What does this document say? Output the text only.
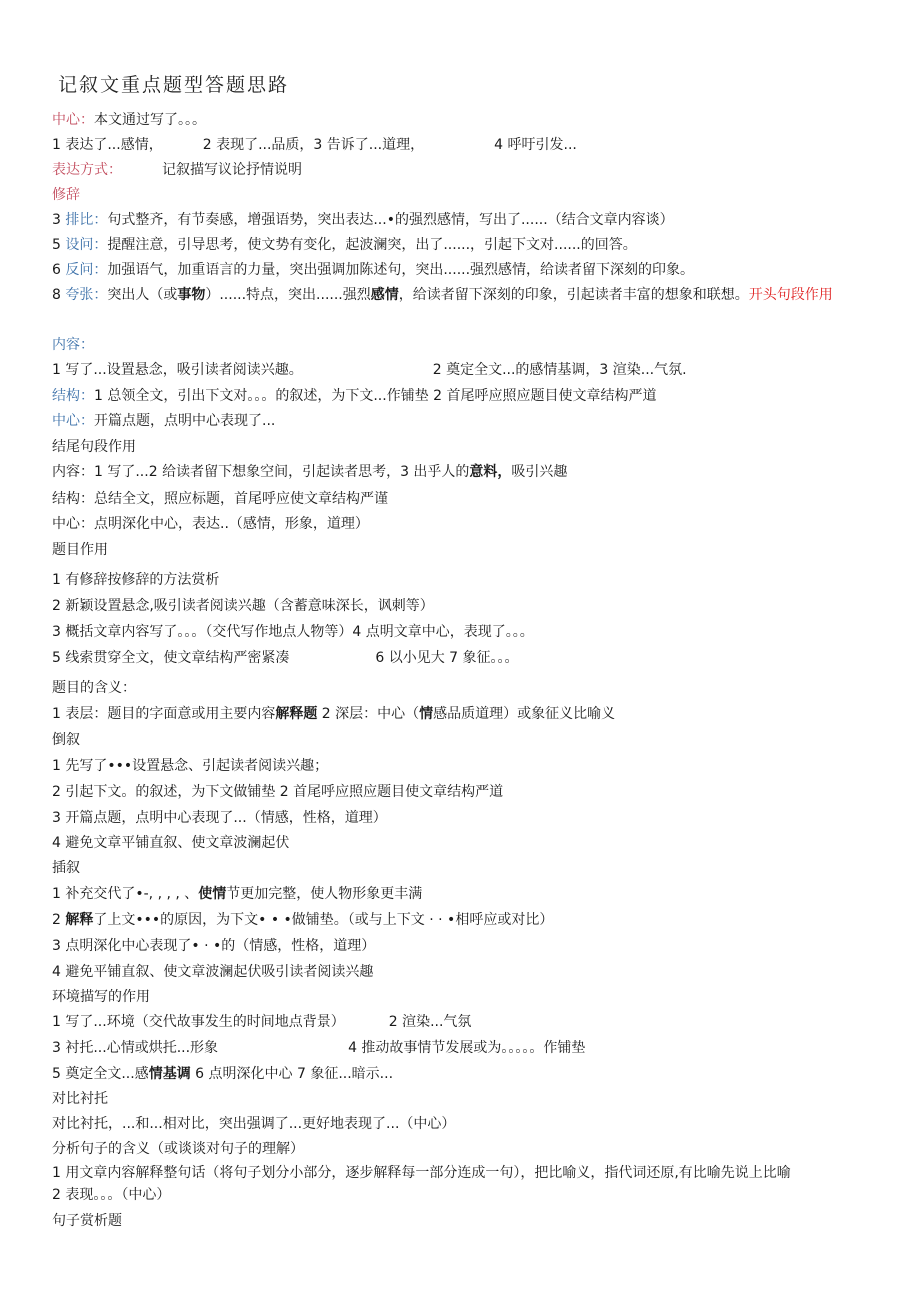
记叙文重点题型答题思路
中心：本文通过写了。。。
1 表达了...感情，	2 表现了...品质，3 告诉了...道理，	4 呼吁引发...
表达方式：	记叙描写议论抒情说明
修辞
3 排比：句式整齐，有节奏感，增强语势，突出表达...•的强烈感情，写出了......（结合文章内容谈）
5 设问：提醒注意，引导思考，使文势有变化，起波澜突，出了......，引起下文对......的回答。
6 反问：加强语气，加重语言的力量，突出强调加陈述句，突出......强烈感情，给读者留下深刻的印象。
8 夸张：突出人（或事物）......特点，突出......强烈感情，给读者留下深刻的印象，引起读者丰富的想象和联想。开头句段作用
内容：
1 写了...设置悬念，吸引读者阅读兴趣。	2 奠定全文...的感情基调，3 渲染...气氛.
结构：1 总领全文，引出下文对。。。的叙述，为下文...作铺垫 2 首尾呼应照应题目使文章结构严道
中心：开篇点题，点明中心表现了...
结尾句段作用
内容：1 写了...2 给读者留下想象空间，引起读者思考，3 出乎人的意料，吸引兴趣
结构：总结全文，照应标题，首尾呼应使文章结构严谨
中心：点明深化中心，表达..（感情，形象，道理）
题目作用
1 有修辞按修辞的方法赏析
2 新颖设置悬念,吸引读者阅读兴趣（含蓄意味深长，讽刺等）
3 概括文章内容写了。。。（交代写作地点人物等）4 点明文章中心，表现了。。。
5 线索贯穿全文，使文章结构严密紧凑	6 以小见大 7 象征。。。
题目的含义：
1 表层：题目的字面意或用主要内容解释题 2 深层：中心（情感品质道理）或象征义比喻义
倒叙
1 先写了•••设置悬念、引起读者阅读兴趣；
2 引起下文。的叙述，为下文做铺垫 2 首尾呼应照应题目使文章结构严道
3 开篇点题，点明中心表现了...（情感，性格，道理）
4 避免文章平铺直叙、使文章波澜起伏
插叙
1 补充交代了•-, , , , 、使情节更加完整，使人物形象更丰满
2 解释了上文•••的原因，为下文• • •做铺垫。（或与上下文 · · •相呼应或对比）
3 点明深化中心表现了• · •的（情感，性格，道理）
4 避免平铺直叙、使文章波澜起伏吸引读者阅读兴趣
环境描写的作用
1 写了...环境（交代故事发生的时间地点背景）	2 渲染...气氛
3 衬托...心情或烘托...形象	4 推动故事情节发展或为。。。。。作铺垫
5 奠定全文...感情基调 6 点明深化中心 7 象征...暗示...
对比衬托
对比衬托，...和...相对比，突出强调了...更好地表现了...（中心）
分析句子的含义（或谈谈对句子的理解）
1 用文章内容解释整句话（将句子划分小部分，逐步解释每一部分连成一句），把比喻义，指代词还原,有比喻先说上比喻2 表现。。。（中心）
句子赏析题
